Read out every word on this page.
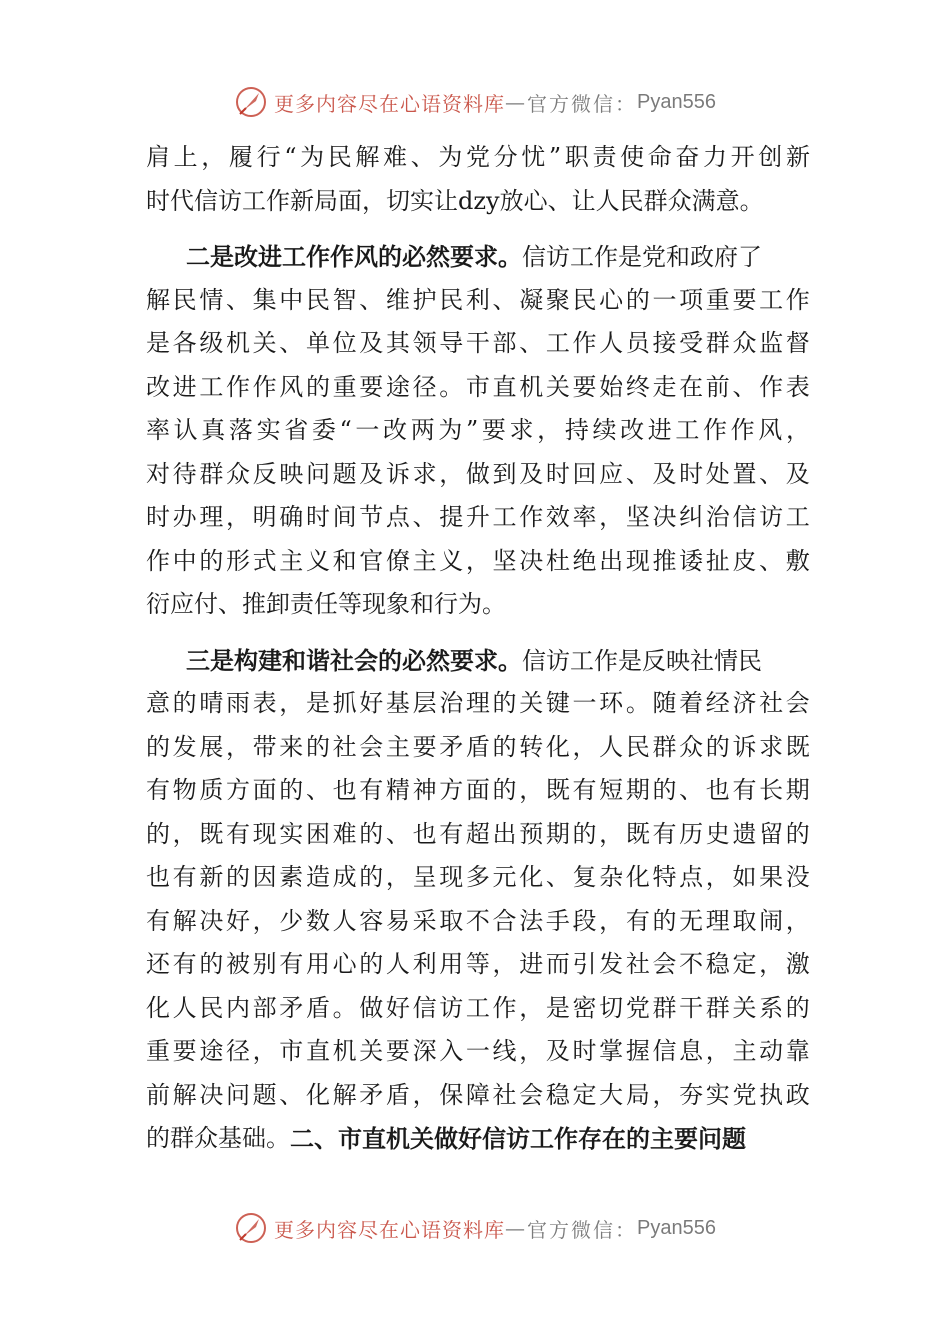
更多内容尽在心语资料库 — 官方微信： Pyan556
肩 上 ， 履 行 “ 为 民 解 难 、 为 党 分 忧 ” 职 责 使 命 奋 力 开 创 新
时代信访工作新局面，切实让dzy放心、让人民群众满意。
二是改进工作作风的必然要求。信访工作是党和政府了
解 民 情 、 集 中 民 智 、 维 护 民 利 、 凝 聚 民 心 的 一 项 重 要 工 作
是 各 级 机 关 、 单 位 及 其 领 导 干 部 、 工 作 人 员 接 受 群 众 监 督
改 进 工 作 作 风 的 重 要 途 径 。 市 直 机 关 要 始 终 走 在 前 、 作 表
率 认 真 落 实 省 委 “ 一 改 两 为 ” 要 求 ， 持 续 改 进 工 作 作 风 ，
对 待 群 众 反 映 问 题 及 诉 求 ， 做 到 及 时 回 应 、 及 时 处 置 、 及
时 办 理 ， 明 确 时 间 节 点 、 提 升 工 作 效 率 ， 坚 决 纠 治 信 访 工
作 中 的 形 式 主 义 和 官 僚 主 义 ， 坚 决 杜 绝 出 现 推 诿 扯 皮 、 敷
衍应付、推卸责任等现象和行为。
三是构建和谐社会的必然要求。信访工作是反映社情民
意 的 晴 雨 表 ， 是 抓 好 基 层 治 理 的 关 键 一 环 。 随 着 经 济 社 会
的 发 展 ， 带 来 的 社 会 主 要 矛 盾 的 转 化 ， 人 民 群 众 的 诉 求 既
有 物 质 方 面 的 、 也 有 精 神 方 面 的 ， 既 有 短 期 的 、 也 有 长 期
的 ， 既 有 现 实 困 难 的 、 也 有 超 出 预 期 的 ， 既 有 历 史 遗 留 的
也 有 新 的 因 素 造 成 的 ， 呈 现 多 元 化 、 复 杂 化 特 点 ， 如 果 没
有 解 决 好 ， 少 数 人 容 易 采 取 不 合 法 手 段 ， 有 的 无 理 取 闹 ，
还 有 的 被 别 有 用 心 的 人 利 用 等 ， 进 而 引 发 社 会 不 稳 定 ， 激
化 人 民 内 部 矛 盾 。 做 好 信 访 工 作 ， 是 密 切 党 群 干 群 关 系 的
重 要 途 径 ， 市 直 机 关 要 深 入 一 线 ， 及 时 掌 握 信 息 ， 主 动 靠
前 解 决 问 题 、 化 解 矛 盾 ， 保 障 社 会 稳 定 大 局 ， 夯 实 党 执 政
的群众基础。 二、市直机关做好信访工作存在的主要问题
更多内容尽在心语资料库 — 官方微信： Pyan556
